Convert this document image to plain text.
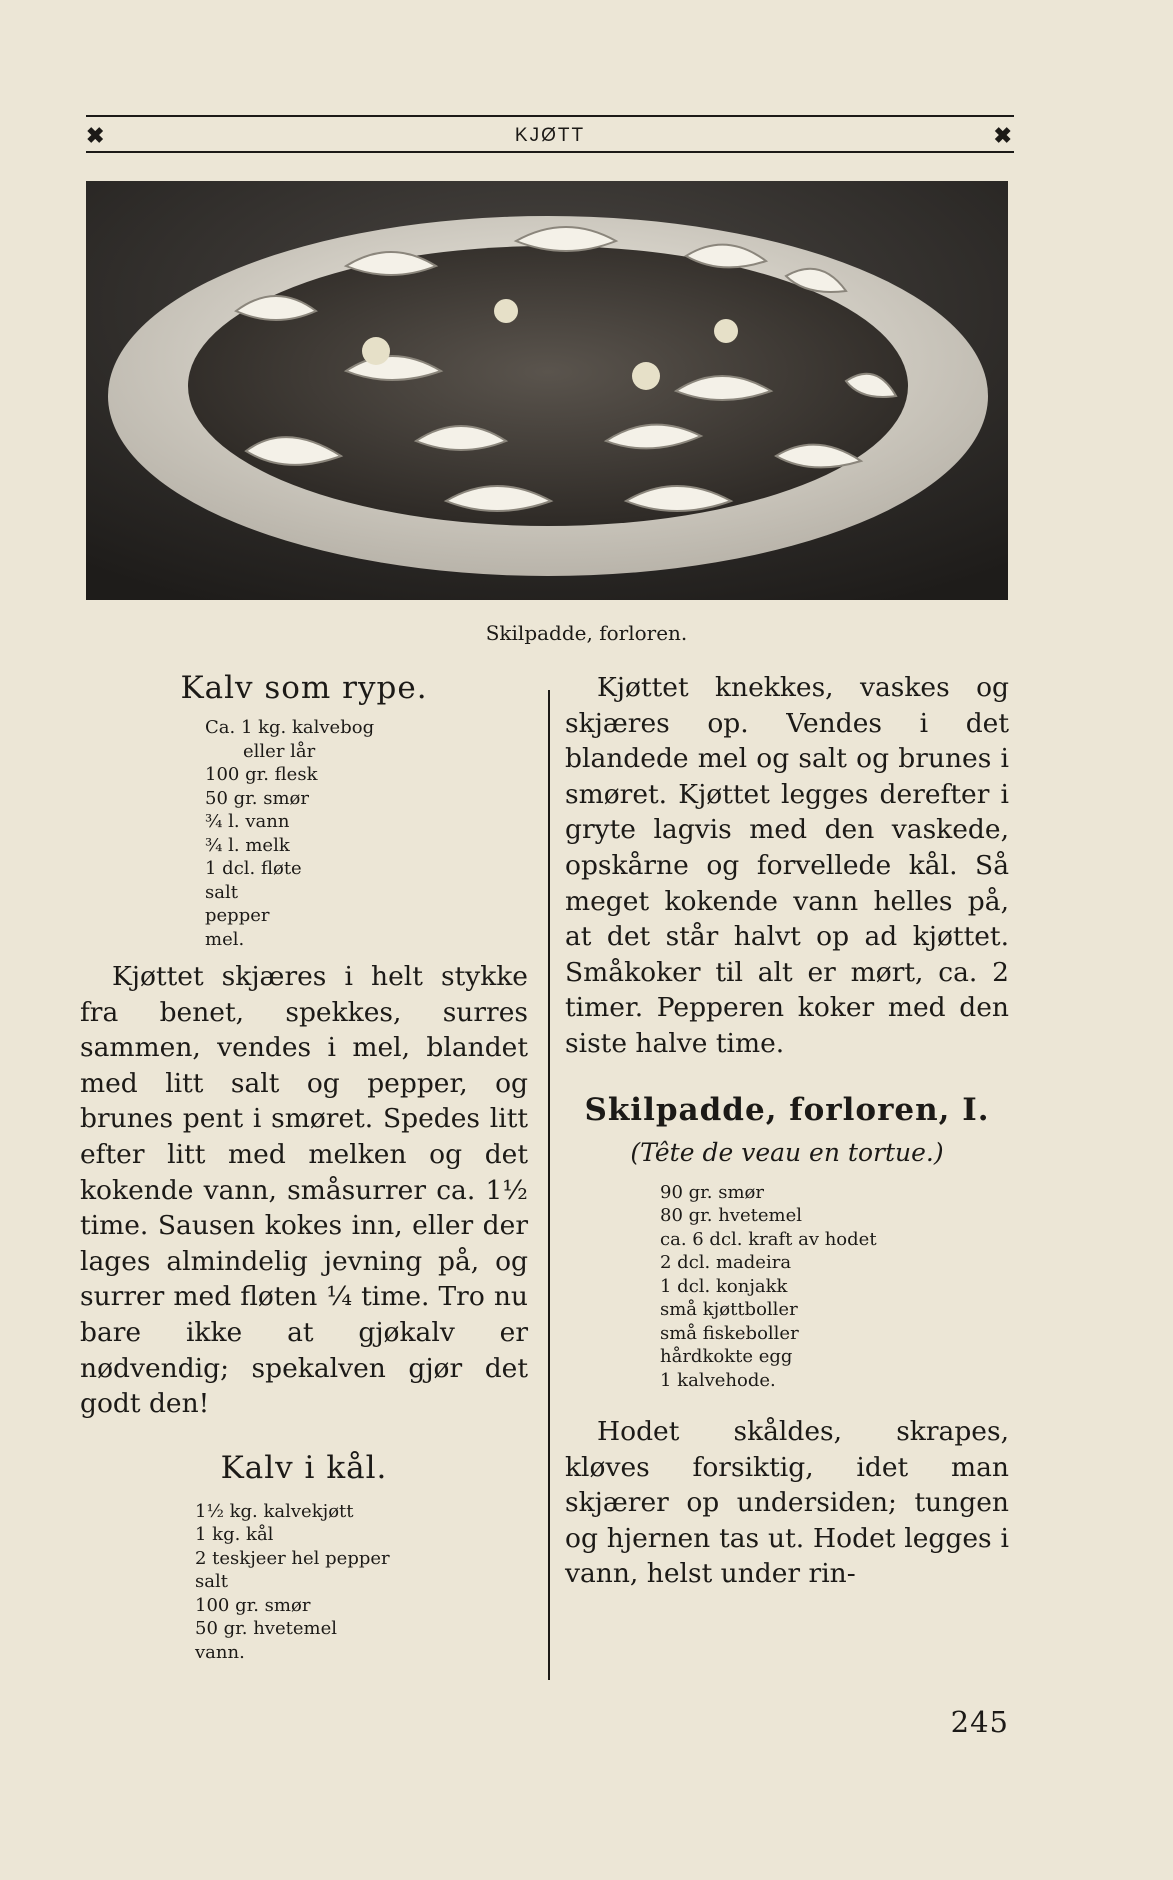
✖	KJØTT	✖
Skilpadde, forloren.
Kalv som rype.
Ca. 1 kg. kalvebog
eller lår
100 gr. flesk
50 gr. smør
¾ l. vann
¾ l. melk
1 dcl. fløte
salt
pepper
mel.

Kjøttet skjæres i helt stykke fra benet, spekkes, surres sammen, vendes i mel, blandet med litt salt og pepper, og brunes pent i smøret. Spedes litt efter litt med melken og det kokende vann, småsurrer ca. 1½ time. Sausen kokes inn, eller der lages almindelig jevning på, og surrer med fløten ¼ time. Tro nu bare ikke at gjøkalv er nødvendig; spekalven gjør det godt den!

Kalv i kål.
1½ kg. kalvekjøtt
1 kg. kål
2 teskjeer hel pepper
salt
100 gr. smør
50 gr. hvetemel
vann.

Kjøttet knekkes, vaskes og skjæres op. Vendes i det blandede mel og salt og brunes i smøret. Kjøttet legges derefter i gryte lagvis med den vaskede, opskårne og forvellede kål. Så meget kokende vann helles på, at det står halvt op ad kjøttet. Småkoker til alt er mørt, ca. 2 timer. Pepperen koker med den siste halve time.

Skilpadde, forloren, I.
(Tête de veau en tortue.)
90 gr. smør
80 gr. hvetemel
ca. 6 dcl. kraft av hodet
2 dcl. madeira
1 dcl. konjakk
små kjøttboller
små fiskeboller
hårdkokte egg
1 kalvehode.

Hodet skåldes, skrapes, kløves forsiktig, idet man skjærer op undersiden; tungen og hjernen tas ut. Hodet legges i vann, helst under rin-

245
